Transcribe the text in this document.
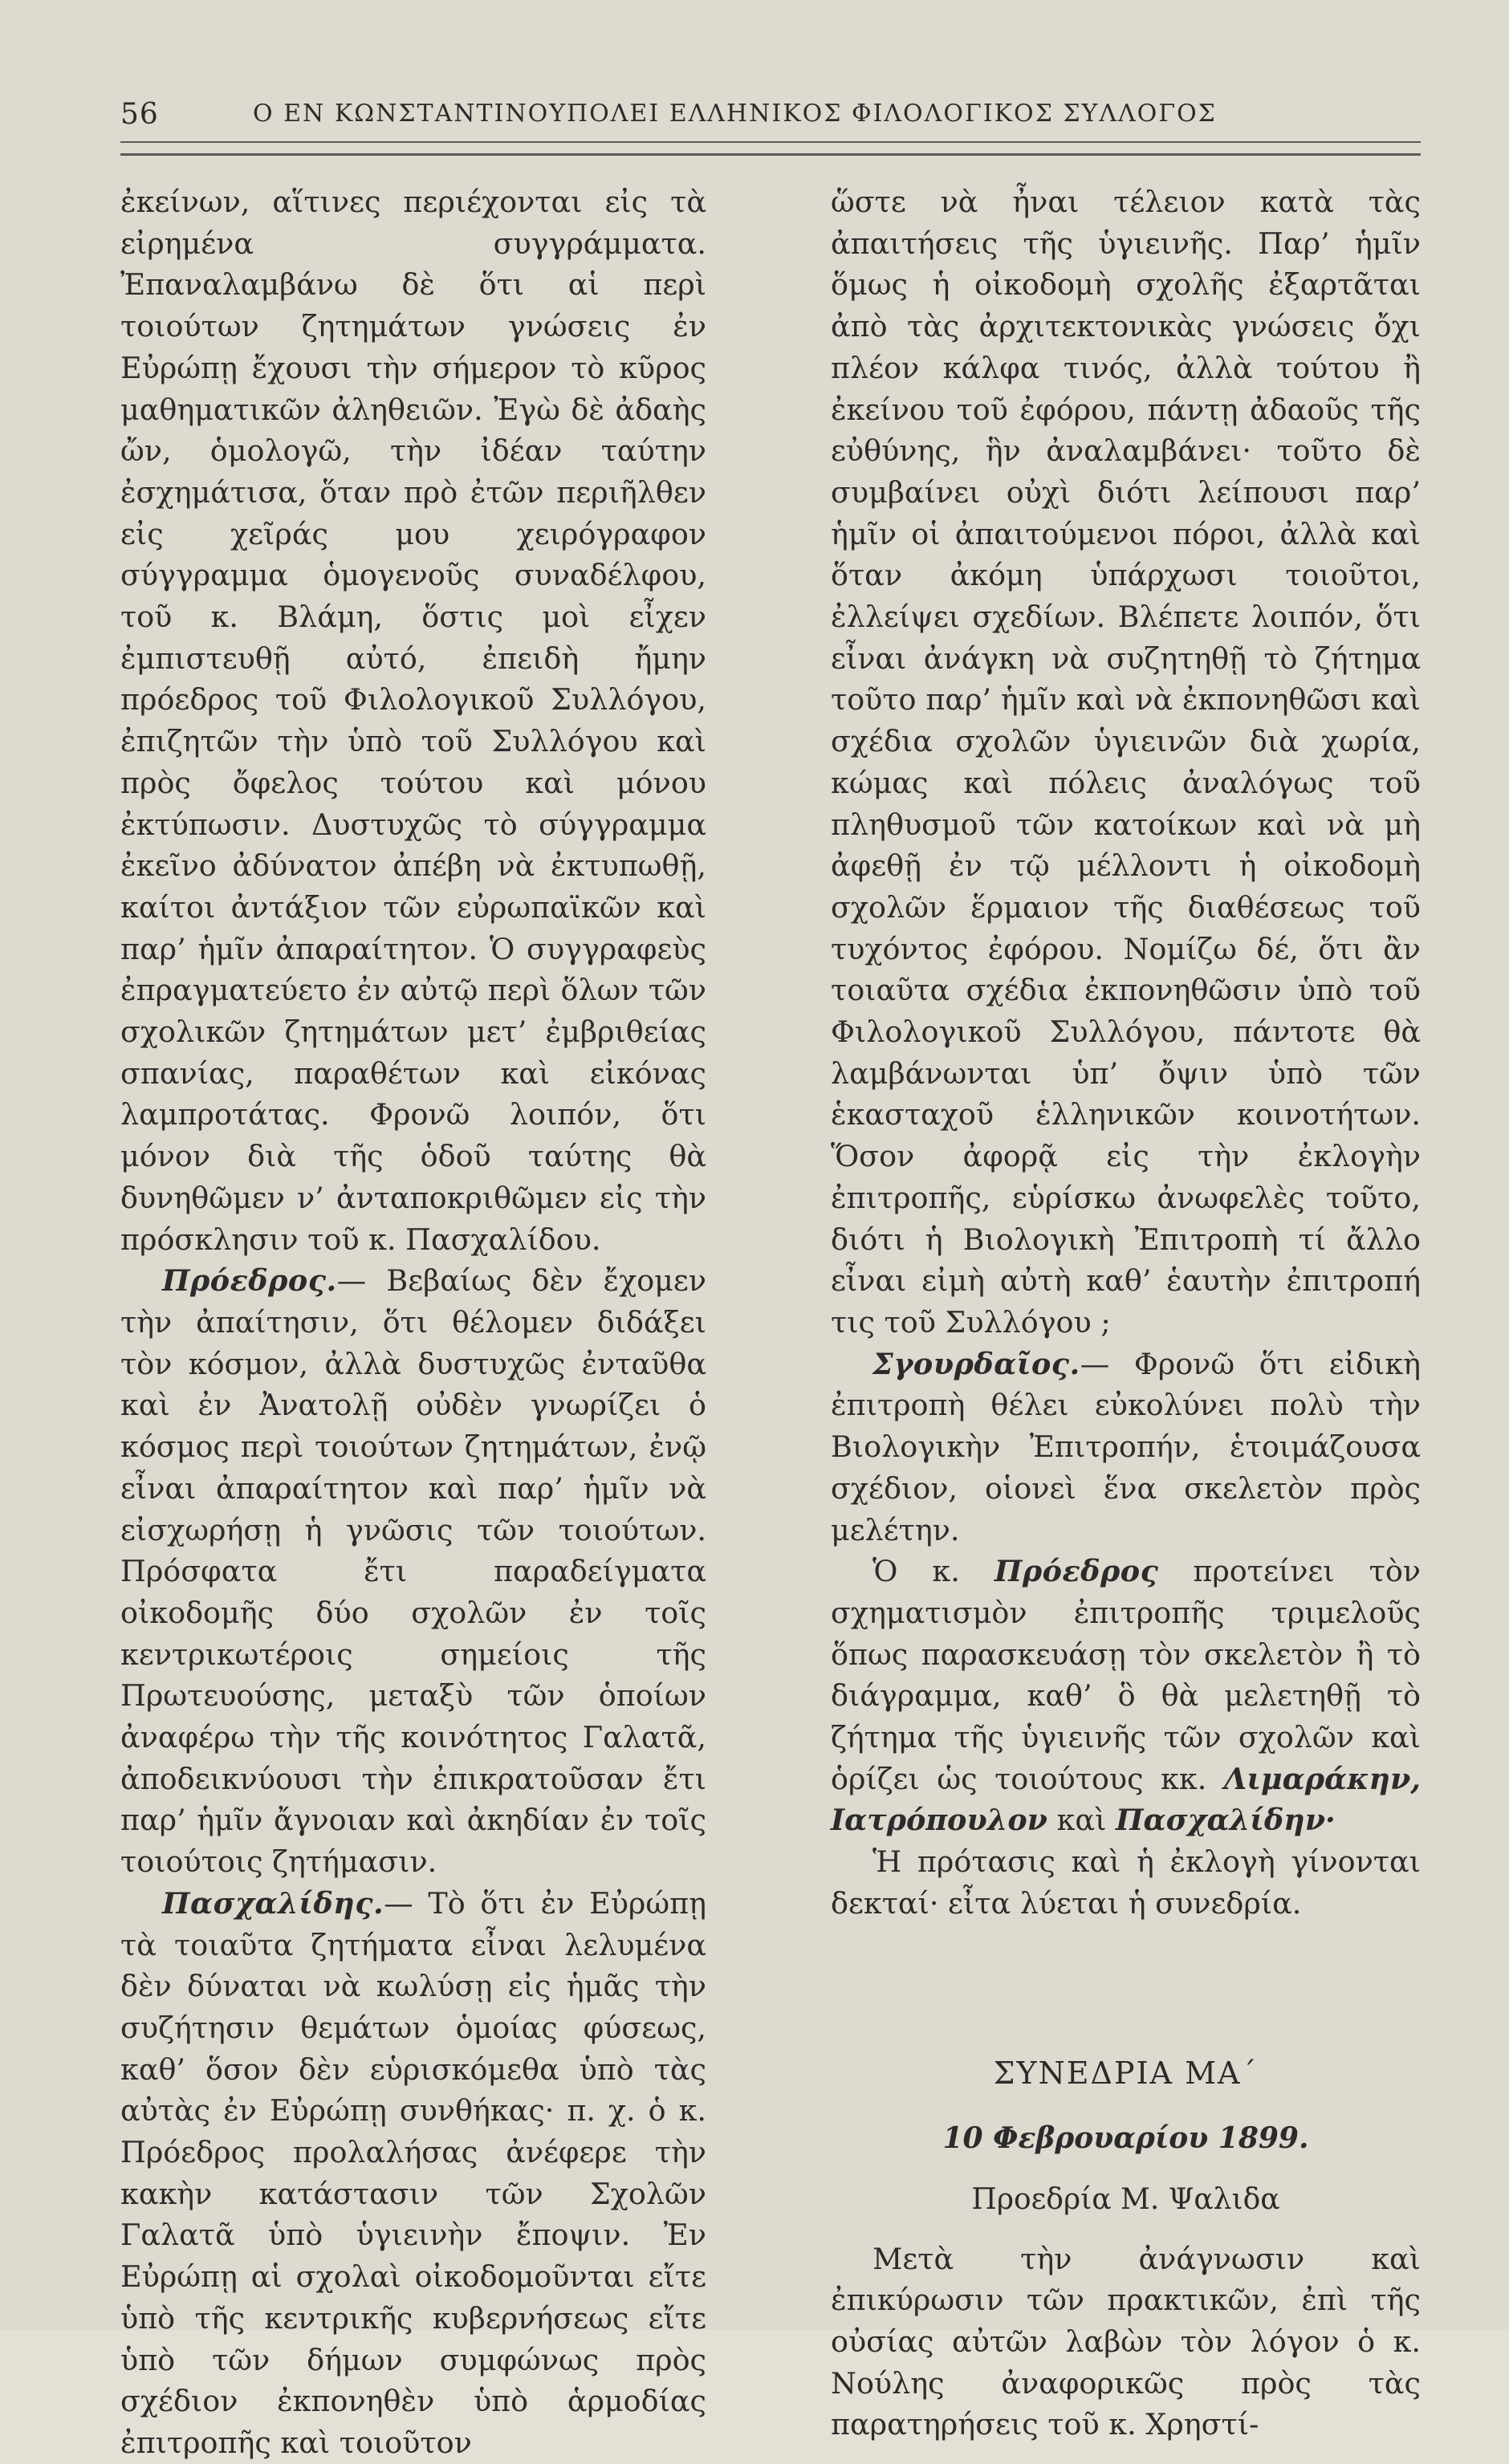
56	Ο ΕΝ ΚΩΝΣΤΑΝΤΙΝΟΥΠΟΛΕΙ ΕΛΛΗΝΙΚΟΣ ΦΙΛΟΛΟΓΙΚΟΣ ΣΥΛΛΟΓΟΣ

ἐκείνων, αἵτινες περιέχονται εἰς τὰ εἰρημένα συγγράμματα. Ἐπαναλαμβάνω δὲ ὅτι αἱ περὶ τοιούτων ζητημάτων γνώσεις ἐν Εὐρώπῃ ἔχουσι τὴν σήμερον τὸ κῦρος μαθηματικῶν ἀληθειῶν. Ἐγὼ δὲ ἀδαὴς ὤν, ὁμολογῶ, τὴν ἰδέαν ταύτην ἐσχημάτισα, ὅταν πρὸ ἐτῶν περιῆλθεν εἰς χεῖράς μου χειρόγραφον σύγγραμμα ὁμογενοῦς συναδέλφου, τοῦ κ. Βλάμη, ὅστις μοὶ εἶχεν ἐμπιστευθῇ αὐτό, ἐπειδὴ ἤμην πρόεδρος τοῦ Φιλολογικοῦ Συλλόγου, ἐπιζητῶν τὴν ὑπὸ τοῦ Συλλόγου καὶ πρὸς ὄφελος τούτου καὶ μόνου ἐκτύπωσιν. Δυστυχῶς τὸ σύγγραμμα ἐκεῖνο ἀδύνατον ἀπέβη νὰ ἐκτυπωθῇ, καίτοι ἀντάξιον τῶν εὐρωπαϊκῶν καὶ παρ’ ἡμῖν ἀπαραίτητον. Ὁ συγγραφεὺς ἐπραγματεύετο ἐν αὐτῷ περὶ ὅλων τῶν σχολικῶν ζητημάτων μετ’ ἐμβριθείας σπανίας, παραθέτων καὶ εἰκόνας λαμπροτάτας. Φρονῶ λοιπόν, ὅτι μόνον διὰ τῆς ὁδοῦ ταύτης θὰ δυνηθῶμεν ν’ ἀνταποκριθῶμεν εἰς τὴν πρόσκλησιν τοῦ κ. Πασχαλίδου.

Πρόεδρος.— Βεβαίως δὲν ἔχομεν τὴν ἀπαίτησιν, ὅτι θέλομεν διδάξει τὸν κόσμον, ἀλλὰ δυστυχῶς ἐνταῦθα καὶ ἐν Ἀνατολῇ οὐδὲν γνωρίζει ὁ κόσμος περὶ τοιούτων ζητημάτων, ἐνῷ εἶναι ἀπαραίτητον καὶ παρ’ ἡμῖν νὰ εἰσχωρήσῃ ἡ γνῶσις τῶν τοιούτων. Πρόσφατα ἔτι παραδείγματα οἰκοδομῆς δύο σχολῶν ἐν τοῖς κεντρικωτέροις σημείοις τῆς Πρωτευούσης, μεταξὺ τῶν ὁποίων ἀναφέρω τὴν τῆς κοινότητος Γαλατᾶ, ἀποδεικνύουσι τὴν ἐπικρατοῦσαν ἔτι παρ’ ἡμῖν ἄγνοιαν καὶ ἀκηδίαν ἐν τοῖς τοιούτοις ζητήμασιν.

Πασχαλίδης.— Τὸ ὅτι ἐν Εὐρώπῃ τὰ τοιαῦτα ζητήματα εἶναι λελυμένα δὲν δύναται νὰ κωλύσῃ εἰς ἡμᾶς τὴν συζήτησιν θεμάτων ὁμοίας φύσεως, καθ’ ὅσον δὲν εὑρισκόμεθα ὑπὸ τὰς αὐτὰς ἐν Εὐρώπῃ συνθήκας· π. χ. ὁ κ. Πρόεδρος προλαλήσας ἀνέφερε τὴν κακὴν κατάστασιν τῶν Σχολῶν Γαλατᾶ ὑπὸ ὑγιεινὴν ἔποψιν. Ἐν Εὐρώπῃ αἱ σχολαὶ οἰκοδομοῦνται εἴτε ὑπὸ τῆς κεντρικῆς κυβερνήσεως εἴτε ὑπὸ τῶν δήμων συμφώνως πρὸς σχέδιον ἐκπονηθὲν ὑπὸ ἁρμοδίας ἐπιτροπῆς καὶ τοιοῦτον

ὥστε νὰ ἦναι τέλειον κατὰ τὰς ἀπαιτήσεις τῆς ὑγιεινῆς. Παρ’ ἡμῖν ὅμως ἡ οἰκοδομὴ σχολῆς ἐξαρτᾶται ἀπὸ τὰς ἀρχιτεκτονικὰς γνώσεις ὄχι πλέον κάλφα τινός, ἀλλὰ τούτου ἢ ἐκείνου τοῦ ἐφόρου, πάντῃ ἀδαοῦς τῆς εὐθύνης, ἣν ἀναλαμβάνει· τοῦτο δὲ συμβαίνει οὐχὶ διότι λείπουσι παρ’ ἡμῖν οἱ ἀπαιτούμενοι πόροι, ἀλλὰ καὶ ὅταν ἀκόμη ὑπάρχωσι τοιοῦτοι, ἐλλείψει σχεδίων. Βλέπετε λοιπόν, ὅτι εἶναι ἀνάγκη νὰ συζητηθῇ τὸ ζήτημα τοῦτο παρ’ ἡμῖν καὶ νὰ ἐκπονηθῶσι καὶ σχέδια σχολῶν ὑγιεινῶν διὰ χωρία, κώμας καὶ πόλεις ἀναλόγως τοῦ πληθυσμοῦ τῶν κατοίκων καὶ νὰ μὴ ἀφεθῇ ἐν τῷ μέλλοντι ἡ οἰκοδομὴ σχολῶν ἕρμαιον τῆς διαθέσεως τοῦ τυχόντος ἐφόρου. Νομίζω δέ, ὅτι ἂν τοιαῦτα σχέδια ἐκπονηθῶσιν ὑπὸ τοῦ Φιλολογικοῦ Συλλόγου, πάντοτε θὰ λαμβάνωνται ὑπ’ ὄψιν ὑπὸ τῶν ἑκασταχοῦ ἑλληνικῶν κοινοτήτων. Ὅσον ἀφορᾷ εἰς τὴν ἐκλογὴν ἐπιτροπῆς, εὑρίσκω ἀνωφελὲς τοῦτο, διότι ἡ Βιολογικὴ Ἐπιτροπὴ τί ἄλλο εἶναι εἰμὴ αὐτὴ καθ’ ἑαυτὴν ἐπιτροπή τις τοῦ Συλλόγου ;

Σγουρδαῖος.— Φρονῶ ὅτι εἰδικὴ ἐπιτροπὴ θέλει εὐκολύνει πολὺ τὴν Βιολογικὴν Ἐπιτροπήν, ἑτοιμάζουσα σχέδιον, οἱονεὶ ἕνα σκελετὸν πρὸς μελέτην.

Ὁ κ. Πρόεδρος προτείνει τὸν σχηματισμὸν ἐπιτροπῆς τριμελοῦς ὅπως παρασκευάσῃ τὸν σκελετὸν ἢ τὸ διάγραμμα, καθ’ ὃ θὰ μελετηθῇ τὸ ζήτημα τῆς ὑγιεινῆς τῶν σχολῶν καὶ ὁρίζει ὡς τοιούτους κκ. Λιμαράκην, Ιατρόπουλον καὶ Πασχαλίδην·

Ἡ πρότασις καὶ ἡ ἐκλογὴ γίνονται δεκταί· εἶτα λύεται ἡ συνεδρία.

ΣΥΝΕΔΡΙΑ ΜΑ΄

10 Φεβρουαρίου 1899.

Προεδρία Μ. Ψαλιδα

Μετὰ τὴν ἀνάγνωσιν καὶ ἐπικύρωσιν τῶν πρακτικῶν, ἐπὶ τῆς οὐσίας αὐτῶν λαβὼν τὸν λόγον ὁ κ. Νούλης ἀναφορικῶς πρὸς τὰς παρατηρήσεις τοῦ κ. Χρηστί-
